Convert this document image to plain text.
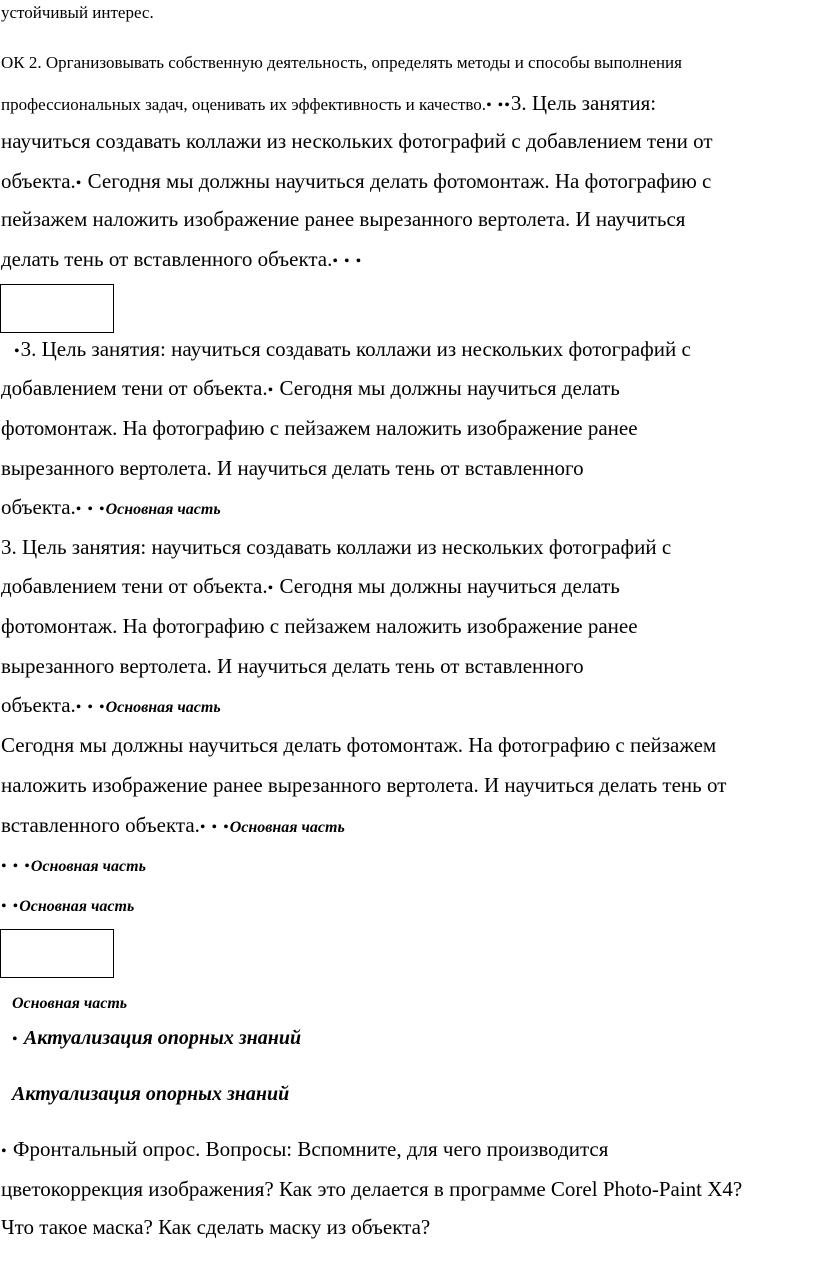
устойчивый интерес.
ОК 2. Организовывать собственную деятельность, определять методы и способы выполнения
профессиональных задач, оценивать их эффективность и качество.• ••3. Цель занятия:
научиться создавать коллажи из нескольких фотографий с добавлением тени от
объекта.• Сегодня мы должны научиться делать фотомонтаж. На фотографию с
пейзажем наложить изображение ранее вырезанного вертолета. И научиться
делать тень от вставленного объекта.• • •
•3. Цель занятия: научиться создавать коллажи из нескольких фотографий с
добавлением тени от объекта.• Сегодня мы должны научиться делать
фотомонтаж. На фотографию с пейзажем наложить изображение ранее
вырезанного вертолета. И научиться делать тень от вставленного
объекта.• • •Основная часть
3. Цель занятия: научиться создавать коллажи из нескольких фотографий с
добавлением тени от объекта.• Сегодня мы должны научиться делать
фотомонтаж. На фотографию с пейзажем наложить изображение ранее
вырезанного вертолета. И научиться делать тень от вставленного
объекта.• • •Основная часть
Сегодня мы должны научиться делать фотомонтаж. На фотографию с пейзажем
наложить изображение ранее вырезанного вертолета. И научиться делать тень от
вставленного объекта.• • •Основная часть
• • •Основная часть
• •Основная часть
Основная часть
• Актуализация опорных знаний
Актуализация опорных знаний
• Фронтальный опрос. Вопросы: Вспомните, для чего производится
цветокоррекция изображения? Как это делается в программе Corel Photo-Paint X4?
Что такое маска? Как сделать маску из объекта?
